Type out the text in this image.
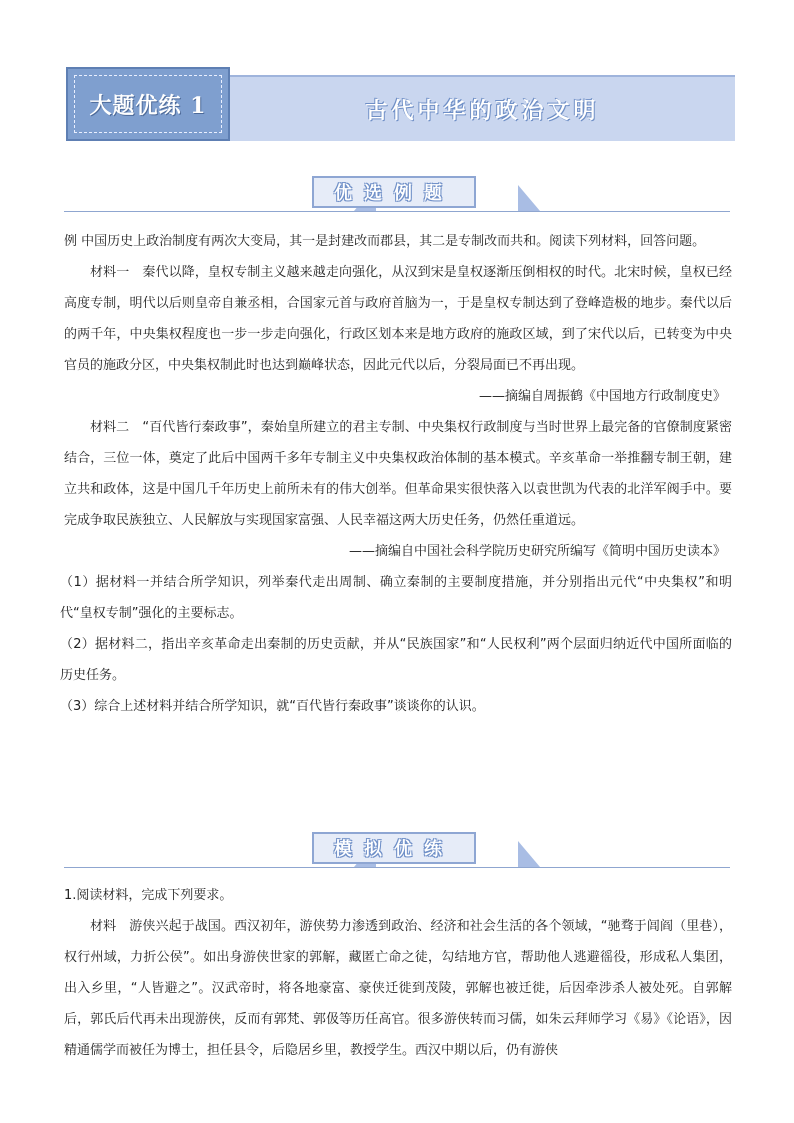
大题优练 1	古代中华的政治文明
优选例题

例 中国历史上政治制度有两次大变局，其一是封建改而郡县，其二是专制改而共和。阅读下列材料，回答问题。

材料一　秦代以降，皇权专制主义越来越走向强化，从汉到宋是皇权逐渐压倒相权的时代。北宋时候，皇权已经高度专制，明代以后则皇帝自兼丞相，合国家元首与政府首脑为一，于是皇权专制达到了登峰造极的地步。秦代以后的两千年，中央集权程度也一步一步走向强化，行政区划本来是地方政府的施政区域，到了宋代以后，已转变为中央官员的施政分区，中央集权制此时也达到巅峰状态，因此元代以后，分裂局面已不再出现。

——摘编自周振鹤《中国地方行政制度史》

材料二　“百代皆行秦政事”，秦始皇所建立的君主专制、中央集权行政制度与当时世界上最完备的官僚制度紧密结合，三位一体，奠定了此后中国两千多年专制主义中央集权政治体制的基本模式。辛亥革命一举推翻专制王朝，建立共和政体，这是中国几千年历史上前所未有的伟大创举。但革命果实很快落入以袁世凯为代表的北洋军阀手中。要完成争取民族独立、人民解放与实现国家富强、人民幸福这两大历史任务，仍然任重道远。

——摘编自中国社会科学院历史研究所编写《简明中国历史读本》

（1）据材料一并结合所学知识，列举秦代走出周制、确立秦制的主要制度措施，并分别指出元代“中央集权”和明代“皇权专制”强化的主要标志。

（2）据材料二，指出辛亥革命走出秦制的历史贡献，并从“民族国家”和“人民权利”两个层面归纳近代中国所面临的历史任务。

（3）综合上述材料并结合所学知识，就“百代皆行秦政事”谈谈你的认识。

模拟优练

1.阅读材料，完成下列要求。

材料　游侠兴起于战国。西汉初年，游侠势力渗透到政治、经济和社会生活的各个领域，“驰骛于闾阎（里巷），权行州域，力折公侯”。如出身游侠世家的郭解，藏匿亡命之徒，勾结地方官，帮助他人逃避徭役，形成私人集团，出入乡里，“人皆避之”。汉武帝时，将各地豪富、豪侠迁徙到茂陵，郭解也被迁徙，后因牵涉杀人被处死。自郭解后，郭氏后代再未出现游侠，反而有郭梵、郭伋等历任高官。很多游侠转而习儒，如朱云拜师学习《易》《论语》，因精通儒学而被任为博士，担任县令，后隐居乡里，教授学生。西汉中期以后，仍有游侠
